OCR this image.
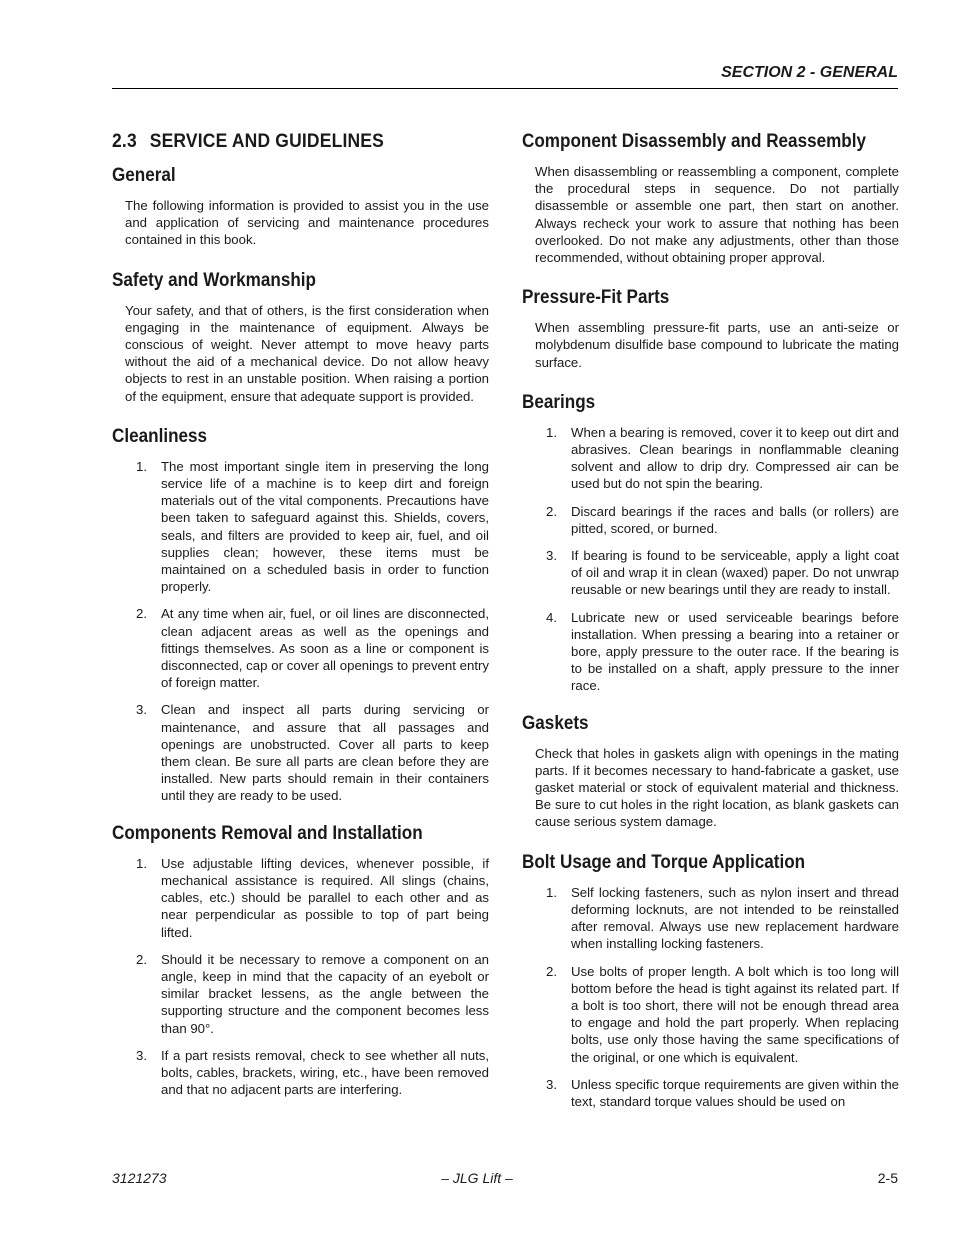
SECTION 2 - GENERAL
2.3 SERVICE AND GUIDELINES
General

The following information is provided to assist you in the use and application of servicing and maintenance procedures contained in this book.

Safety and Workmanship

Your safety, and that of others, is the first consideration when engaging in the maintenance of equipment. Always be conscious of weight. Never attempt to move heavy parts without the aid of a mechanical device. Do not allow heavy objects to rest in an unstable position. When raising a portion of the equipment, ensure that adequate support is provided.

Cleanliness
1. The most important single item in preserving the long service life of a machine is to keep dirt and foreign materials out of the vital components. Precautions have been taken to safeguard against this. Shields, covers, seals, and filters are provided to keep air, fuel, and oil supplies clean; however, these items must be maintained on a scheduled basis in order to function properly.
2. At any time when air, fuel, or oil lines are disconnected, clean adjacent areas as well as the openings and fittings themselves. As soon as a line or component is disconnected, cap or cover all openings to prevent entry of foreign matter.
3. Clean and inspect all parts during servicing or maintenance, and assure that all passages and openings are unobstructed. Cover all parts to keep them clean. Be sure all parts are clean before they are installed. New parts should remain in their containers until they are ready to be used.
Components Removal and Installation
1. Use adjustable lifting devices, whenever possible, if mechanical assistance is required. All slings (chains, cables, etc.) should be parallel to each other and as near perpendicular as possible to top of part being lifted.
2. Should it be necessary to remove a component on an angle, keep in mind that the capacity of an eyebolt or similar bracket lessens, as the angle between the supporting structure and the component becomes less than 90°.
3. If a part resists removal, check to see whether all nuts, bolts, cables, brackets, wiring, etc., have been removed and that no adjacent parts are interfering.
Component Disassembly and Reassembly

When disassembling or reassembling a component, complete the procedural steps in sequence. Do not partially disassemble or assemble one part, then start on another. Always recheck your work to assure that nothing has been overlooked. Do not make any adjustments, other than those recommended, without obtaining proper approval.

Pressure-Fit Parts

When assembling pressure-fit parts, use an anti-seize or molybdenum disulfide base compound to lubricate the mating surface.

Bearings
1. When a bearing is removed, cover it to keep out dirt and abrasives. Clean bearings in nonflammable cleaning solvent and allow to drip dry. Compressed air can be used but do not spin the bearing.
2. Discard bearings if the races and balls (or rollers) are pitted, scored, or burned.
3. If bearing is found to be serviceable, apply a light coat of oil and wrap it in clean (waxed) paper. Do not unwrap reusable or new bearings until they are ready to install.
4. Lubricate new or used serviceable bearings before installation. When pressing a bearing into a retainer or bore, apply pressure to the outer race. If the bearing is to be installed on a shaft, apply pressure to the inner race.
Gaskets

Check that holes in gaskets align with openings in the mating parts. If it becomes necessary to hand-fabricate a gasket, use gasket material or stock of equivalent material and thickness. Be sure to cut holes in the right location, as blank gaskets can cause serious system damage.

Bolt Usage and Torque Application
1. Self locking fasteners, such as nylon insert and thread deforming locknuts, are not intended to be reinstalled after removal. Always use new replacement hardware when installing locking fasteners.
2. Use bolts of proper length. A bolt which is too long will bottom before the head is tight against its related part. If a bolt is too short, there will not be enough thread area to engage and hold the part properly. When replacing bolts, use only those having the same specifications of the original, or one which is equivalent.
3. Unless specific torque requirements are given within the text, standard torque values should be used on
3121273	– JLG Lift –	2-5
